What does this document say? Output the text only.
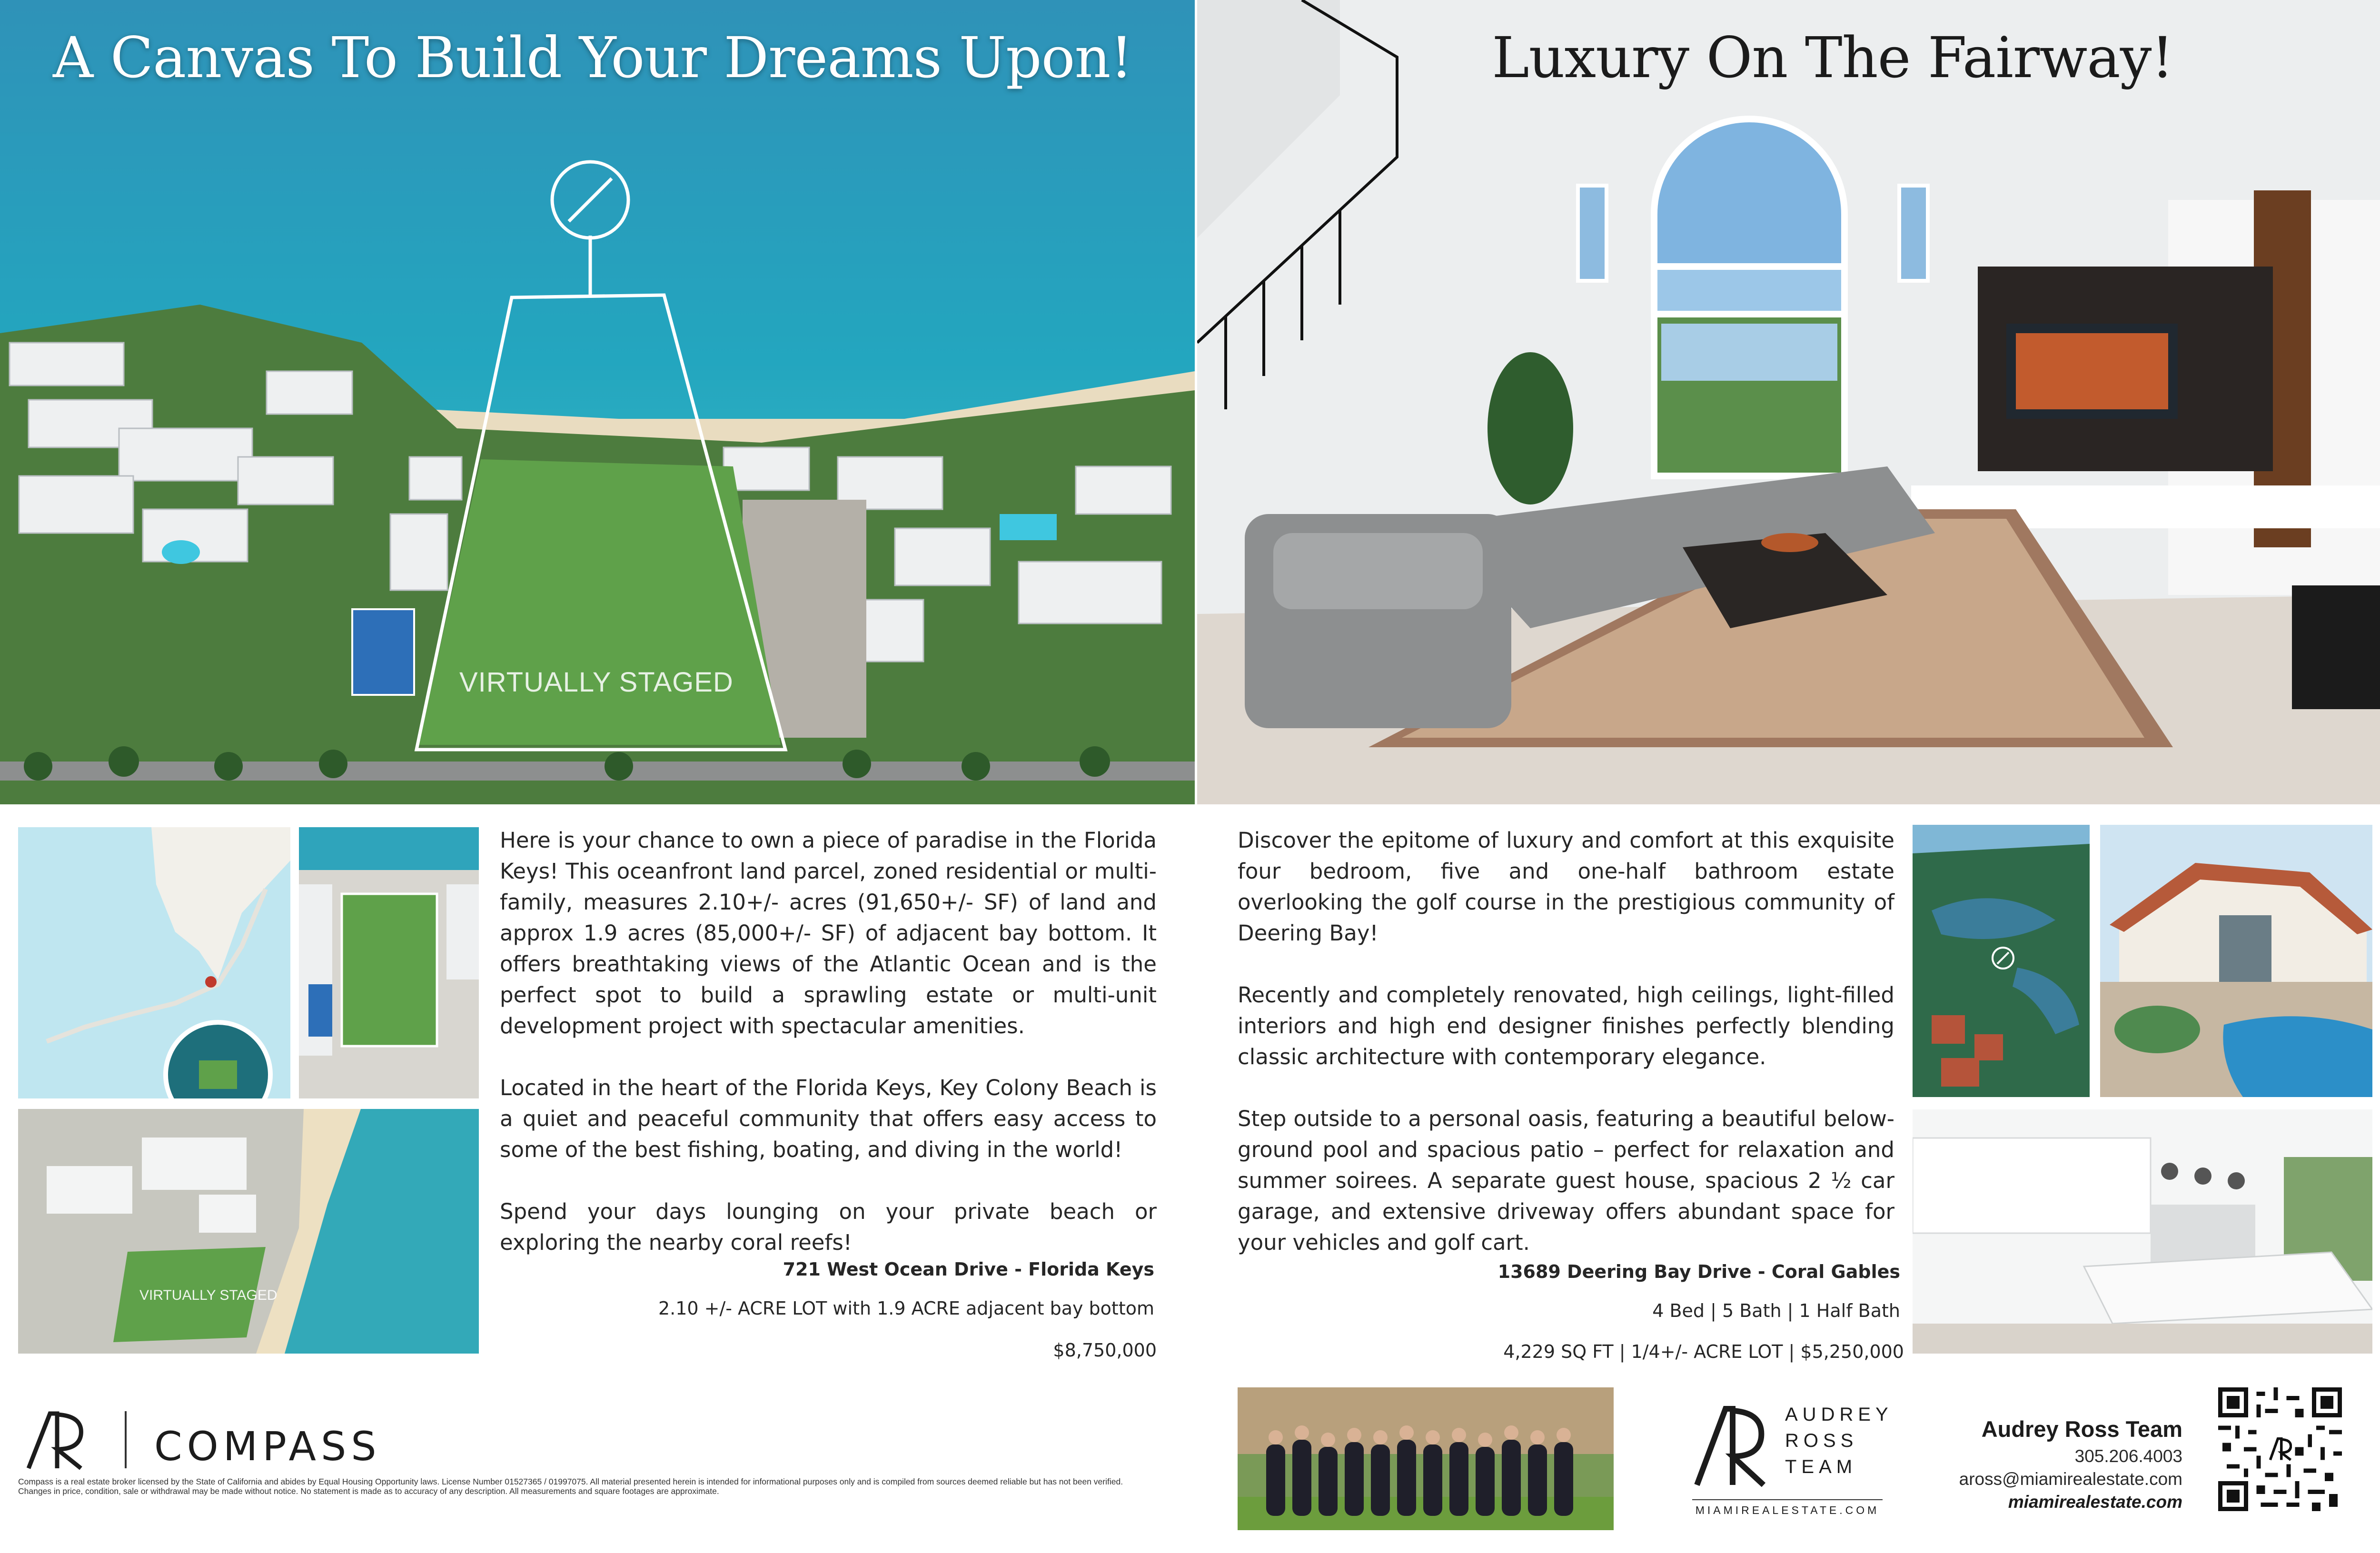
A Canvas To Build Your Dreams Upon!
VIRTUALLY STAGED
Luxury On The Fairway!
VIRTUALLY STAGED

Here is your chance to own a piece of paradise in the Florida Keys! This oceanfront land parcel, zoned residential or multi-family, measures 2.10+/- acres (91,650+/- SF) of land and approx 1.9 acres (85,000+/- SF) of adjacent bay bottom. It offers breathtaking views of the Atlantic Ocean and is the perfect spot to build a sprawling estate or multi-unit development project with spectacular amenities.

Located in the heart of the Florida Keys, Key Colony Beach is a quiet and peaceful community that offers easy access to some of the best fishing, boating, and diving in the world!

Spend your days lounging on your private beach or exploring the nearby coral reefs!

721 West Ocean Drive - Florida Keys
2.10 +/- ACRE LOT with 1.9 ACRE adjacent bay bottom
$8,750,000

Discover the epitome of luxury and comfort at this exquisite four bedroom, five and one-half bathroom estate overlooking the golf course in the prestigious community of Deering Bay!

Recently and completely renovated, high ceilings, light-filled interiors and high end designer finishes perfectly blending classic architecture with contemporary elegance.

Step outside to a personal oasis, featuring a beautiful below-ground pool and spacious patio – perfect for relaxation and summer soirees. A separate guest house, spacious 2 ½ car garage, and extensive driveway offers abundant space for your vehicles and golf cart.

13689 Deering Bay Drive - Coral Gables
4 Bed | 5 Bath | 1 Half Bath
4,229 SQ FT | 1/4+/- ACRE LOT | $5,250,000
COMPASS
Compass is a real estate broker licensed by the State of California and abides by Equal Housing Opportunity laws. License Number 01527365 / 01997075. All material presented herein is intended for informational purposes only and is compiled from sources deemed reliable but has not been verified. Changes in price, condition, sale or withdrawal may be made without notice. No statement is made as to accuracy of any description. All measurements and square footages are approximate.
AUDREY
ROSS
TEAM
MIAMIREALESTATE.COM
Audrey Ross Team
305.206.4003
aross@miamirealestate.com
miamirealestate.com
